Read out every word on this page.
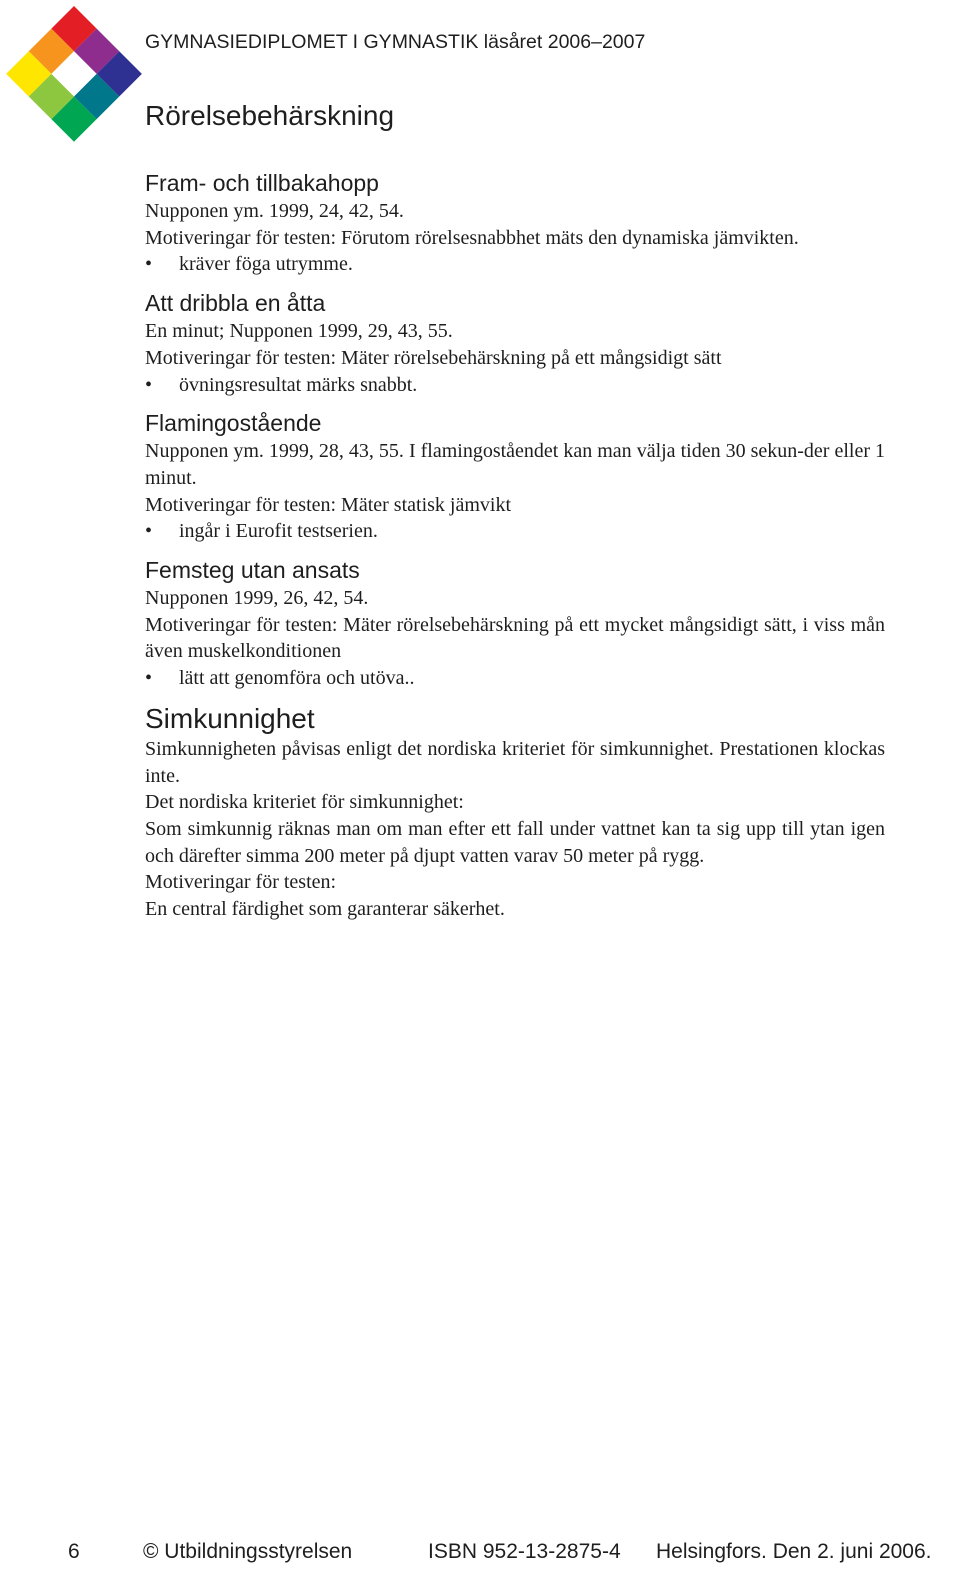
GYMNASIEDIPLOMET I GYMNASTIK läsåret 2006–2007
Rörelsebehärskning
Fram- och tillbakahopp

Nupponen ym. 1999, 24, 42, 54.

Motiveringar för testen: Förutom rörelsesnabbhet mäts den dynamiska jämvikten.

• kräver föga utrymme.

Att dribbla en åtta

En minut; Nupponen 1999, 29, 43, 55.

Motiveringar för testen: Mäter rörelsebehärskning på ett mångsidigt sätt

• övningsresultat märks snabbt.

Flamingostående

Nupponen ym. 1999, 28, 43, 55. I flamingoståendet kan man välja tiden 30 sekun-der eller 1 minut.

Motiveringar för testen: Mäter statisk jämvikt

• ingår i Eurofit testserien.

Femsteg utan ansats

Nupponen 1999, 26, 42, 54.

Motiveringar för testen: Mäter rörelsebehärskning på ett mycket mångsidigt sätt, i viss mån även muskelkonditionen

• lätt att genomföra och utöva..

Simkunnighet

Simkunnigheten påvisas enligt det nordiska kriteriet för simkunnighet. Prestationen klockas inte.

Det nordiska kriteriet för simkunnighet:

Som simkunnig räknas man om man efter ett fall under vattnet kan ta sig upp till ytan igen och därefter simma 200 meter på djupt vatten varav 50 meter på rygg.

Motiveringar för testen:

En central färdighet som garanterar säkerhet.

6	© Utbildningsstyrelsen	ISBN 952-13-2875-4 Helsingfors. Den 2. juni 2006.
